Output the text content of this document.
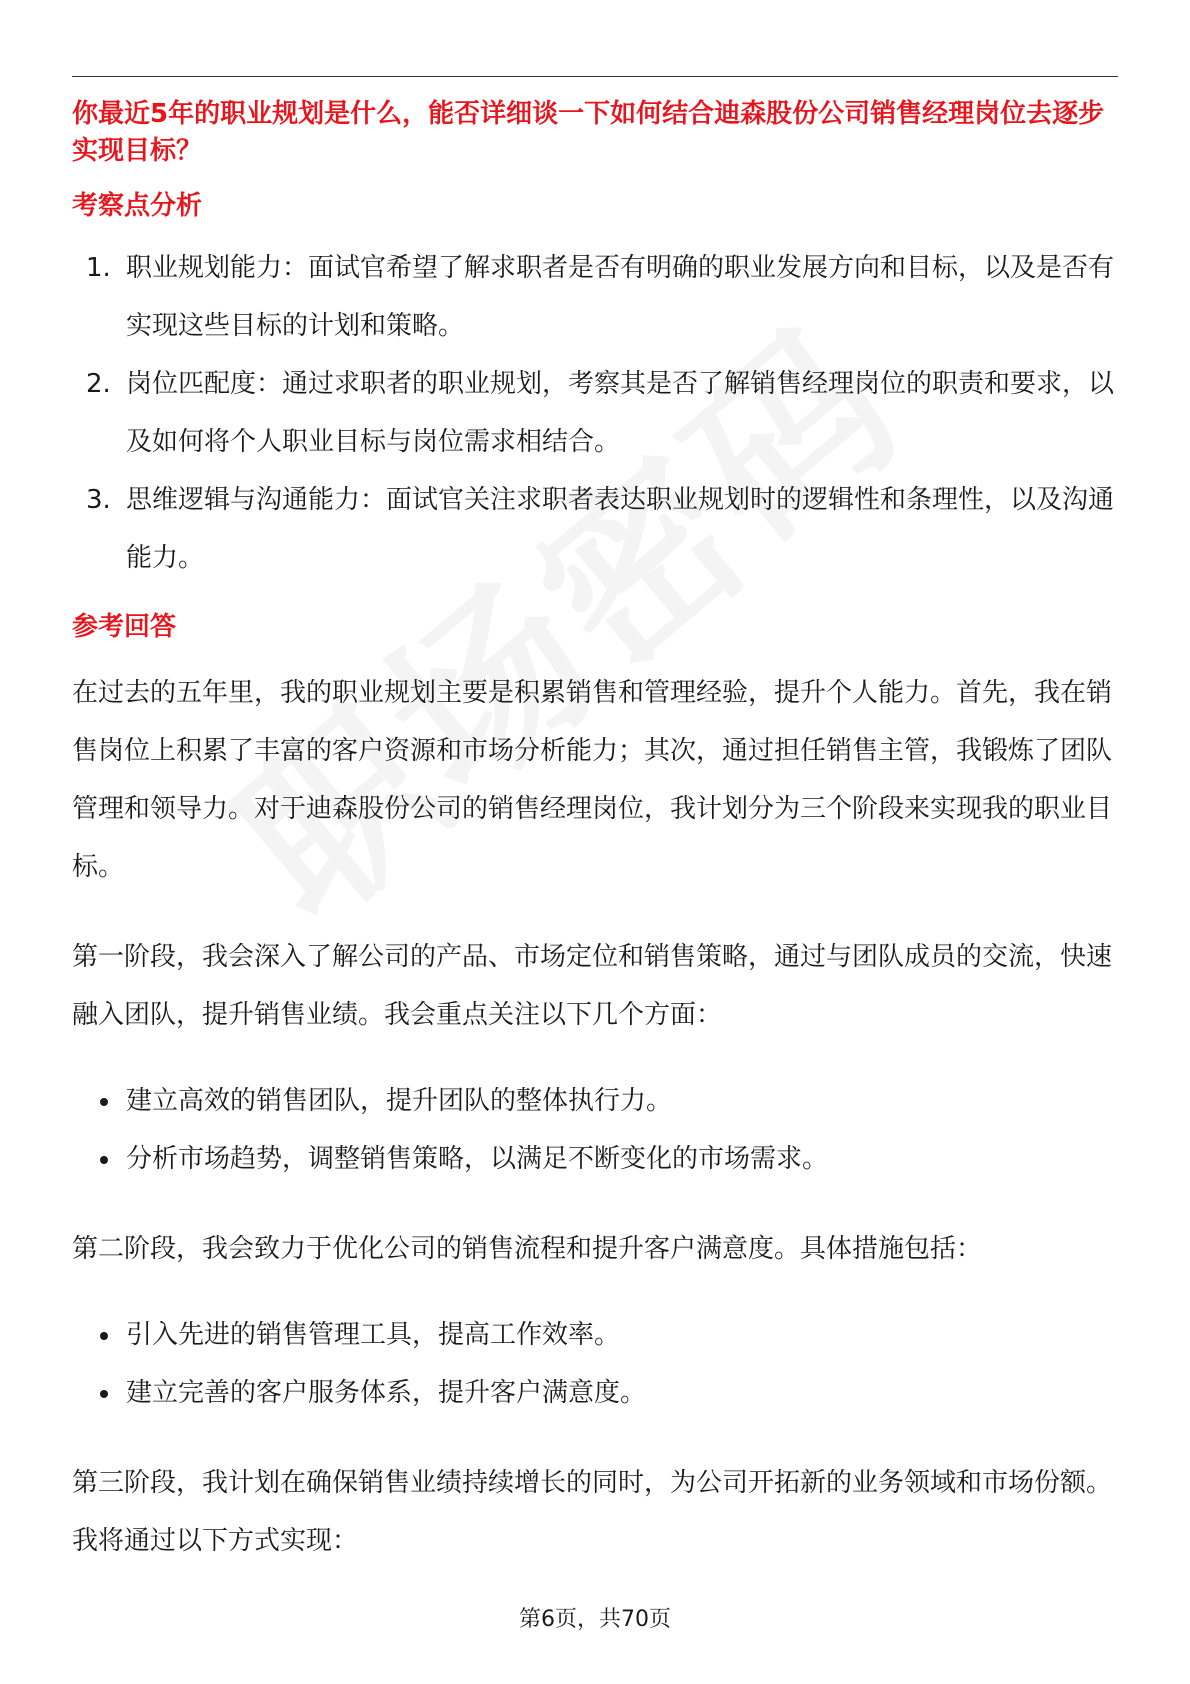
你最近5年的职业规划是什么，能否详细谈一下如何结合迪森股份公司销售经理岗位去逐步实现目标？

考察点分析
1. 职业规划能力：面试官希望了解求职者是否有明确的职业发展方向和目标，以及是否有实现这些目标的计划和策略。
2. 岗位匹配度：通过求职者的职业规划，考察其是否了解销售经理岗位的职责和要求，以及如何将个人职业目标与岗位需求相结合。
3. 思维逻辑与沟通能力：面试官关注求职者表达职业规划时的逻辑性和条理性，以及沟通能力。
参考回答

在过去的五年里，我的职业规划主要是积累销售和管理经验，提升个人能力。首先，我在销售岗位上积累了丰富的客户资源和市场分析能力；其次，通过担任销售主管，我锻炼了团队管理和领导力。对于迪森股份公司的销售经理岗位，我计划分为三个阶段来实现我的职业目标。

第一阶段，我会深入了解公司的产品、市场定位和销售策略，通过与团队成员的交流，快速融入团队，提升销售业绩。我会重点关注以下几个方面：

建立高效的销售团队，提升团队的整体执行力。
分析市场趋势，调整销售策略，以满足不断变化的市场需求。

第二阶段，我会致力于优化公司的销售流程和提升客户满意度。具体措施包括：

引入先进的销售管理工具，提高工作效率。
建立完善的客户服务体系，提升客户满意度。

第三阶段，我计划在确保销售业绩持续增长的同时，为公司开拓新的业务领域和市场份额。我将通过以下方式实现：

第6页，共70页
